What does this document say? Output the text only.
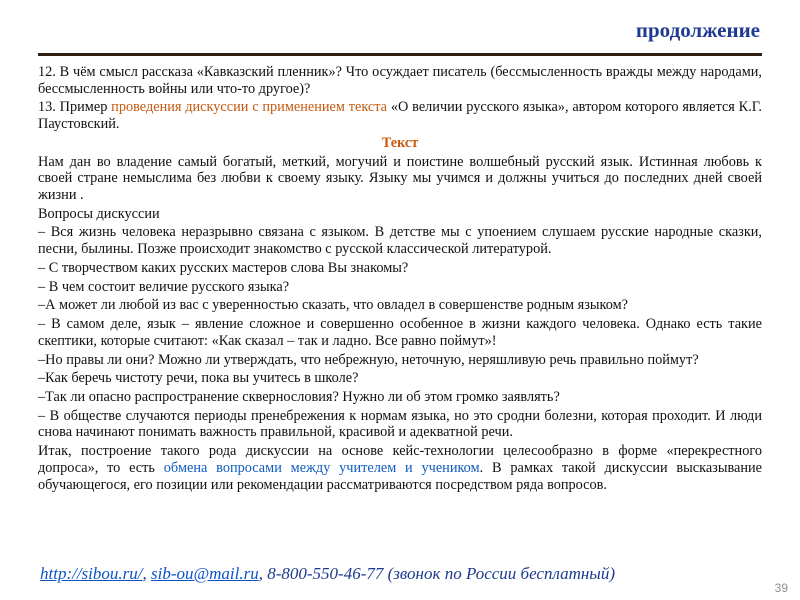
продолжение

12. В чём смысл рассказа «Кавказский пленник»? Что осуждает писатель (бессмысленность вражды между народами, бессмысленность войны или что-то другое)?

13. Пример проведения дискуссии с применением текста «О величии русского языка», автором которого является К.Г. Паустовский.

Текст

Нам дан во владение самый богатый, меткий, могучий и поистине волшебный русский язык. Истинная любовь к своей стране немыслима без любви к своему языку. Языку мы учимся и должны учиться до последних дней своей жизни .

Вопросы дискуссии

– Вся жизнь человека неразрывно связана с языком. В детстве мы с упоением слушаем русские народные сказки, песни, былины. Позже происходит знакомство с русской классической литературой.

– С творчеством каких русских мастеров слова Вы знакомы?

– В чем состоит величие русского языка?

–А может ли любой из вас с уверенностью сказать, что овладел в совершенстве родным языком?

– В самом деле, язык – явление сложное и совершенно особенное в жизни каждого человека. Однако есть такие скептики, которые считают: «Как сказал – так и ладно. Все равно поймут»!

–Но правы ли они? Можно ли утверждать, что небрежную, неточную, неряшливую речь правильно поймут?

–Как беречь чистоту речи, пока вы учитесь в школе?

–Так ли опасно распространение сквернословия? Нужно ли об этом громко заявлять?

– В обществе случаются периоды пренебрежения к нормам языка, но это сродни болезни, которая проходит. И люди снова начинают понимать важность правильной, красивой и адекватной речи.

Итак, построение такого рода дискуссии на основе кейс-технологии целесообразно в форме «перекрестного допроса», то есть обмена вопросами между учителем и учеником. В рамках такой дискуссии высказывание обучающегося, его позиции или рекомендации рассматриваются посредством ряда вопросов.

http://sibou.ru/, sib-ou@mail.ru, 8-800-550-46-77 (звонок по России бесплатный)
39
